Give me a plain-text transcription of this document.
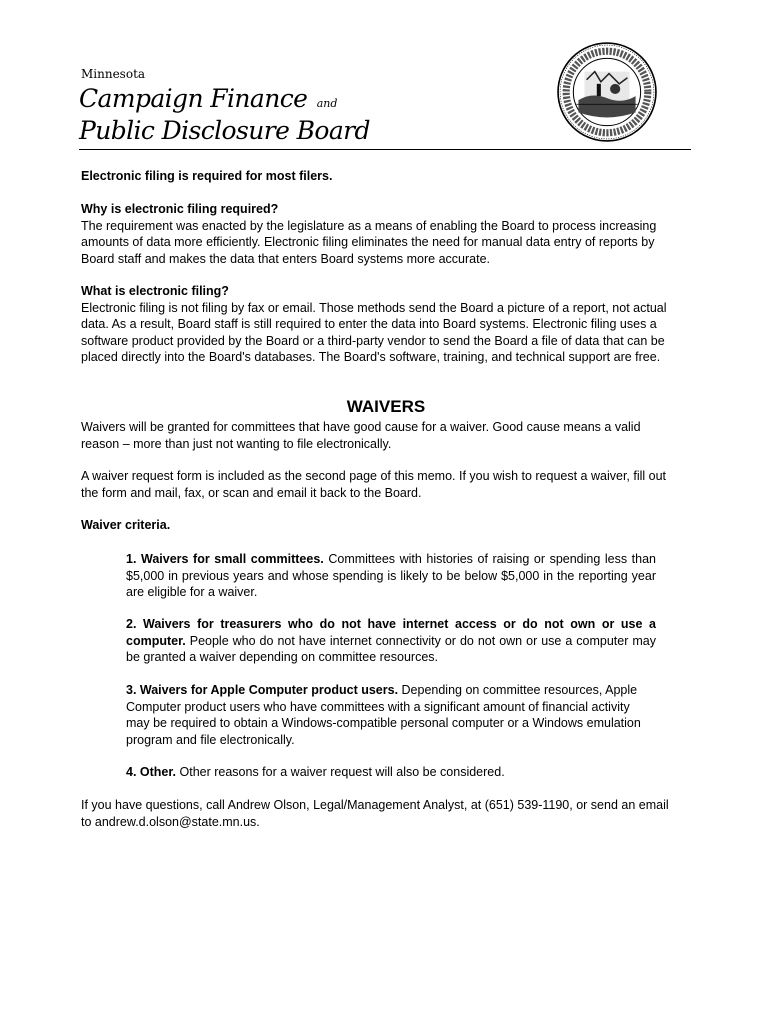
Minnesota
Campaign Finance and
Public Disclosure Board

Electronic filing is required for most filers.

Why is electronic filing required?
The requirement was enacted by the legislature as a means of enabling the Board to process increasing amounts of data more efficiently. Electronic filing eliminates the need for manual data entry of reports by Board staff and makes the data that enters Board systems more accurate.
What is electronic filing?
Electronic filing is not filing by fax or email. Those methods send the Board a picture of a report, not actual data. As a result, Board staff is still required to enter the data into Board systems. Electronic filing uses a software product provided by the Board or a third-party vendor to send the Board a file of data that can be placed directly into the Board's databases. The Board's software, training, and technical support are free.
WAIVERS

Waivers will be granted for committees that have good cause for a waiver. Good cause means a valid reason – more than just not wanting to file electronically.

A waiver request form is included as the second page of this memo. If you wish to request a waiver, fill out the form and mail, fax, or scan and email it back to the Board.

Waiver criteria.

1. Waivers for small committees. Committees with histories of raising or spending less than $5,000 in previous years and whose spending is likely to be below $5,000 in the reporting year are eligible for a waiver.

2. Waivers for treasurers who do not have internet access or do not own or use a computer. People who do not have internet connectivity or do not own or use a computer may be granted a waiver depending on committee resources.

3. Waivers for Apple Computer product users. Depending on committee resources, Apple Computer product users who have committees with a significant amount of financial activity may be required to obtain a Windows-compatible personal computer or a Windows emulation program and file electronically.

4. Other. Other reasons for a waiver request will also be considered.

If you have questions, call Andrew Olson, Legal/Management Analyst, at (651) 539-1190, or send an email to andrew.d.olson@state.mn.us.
